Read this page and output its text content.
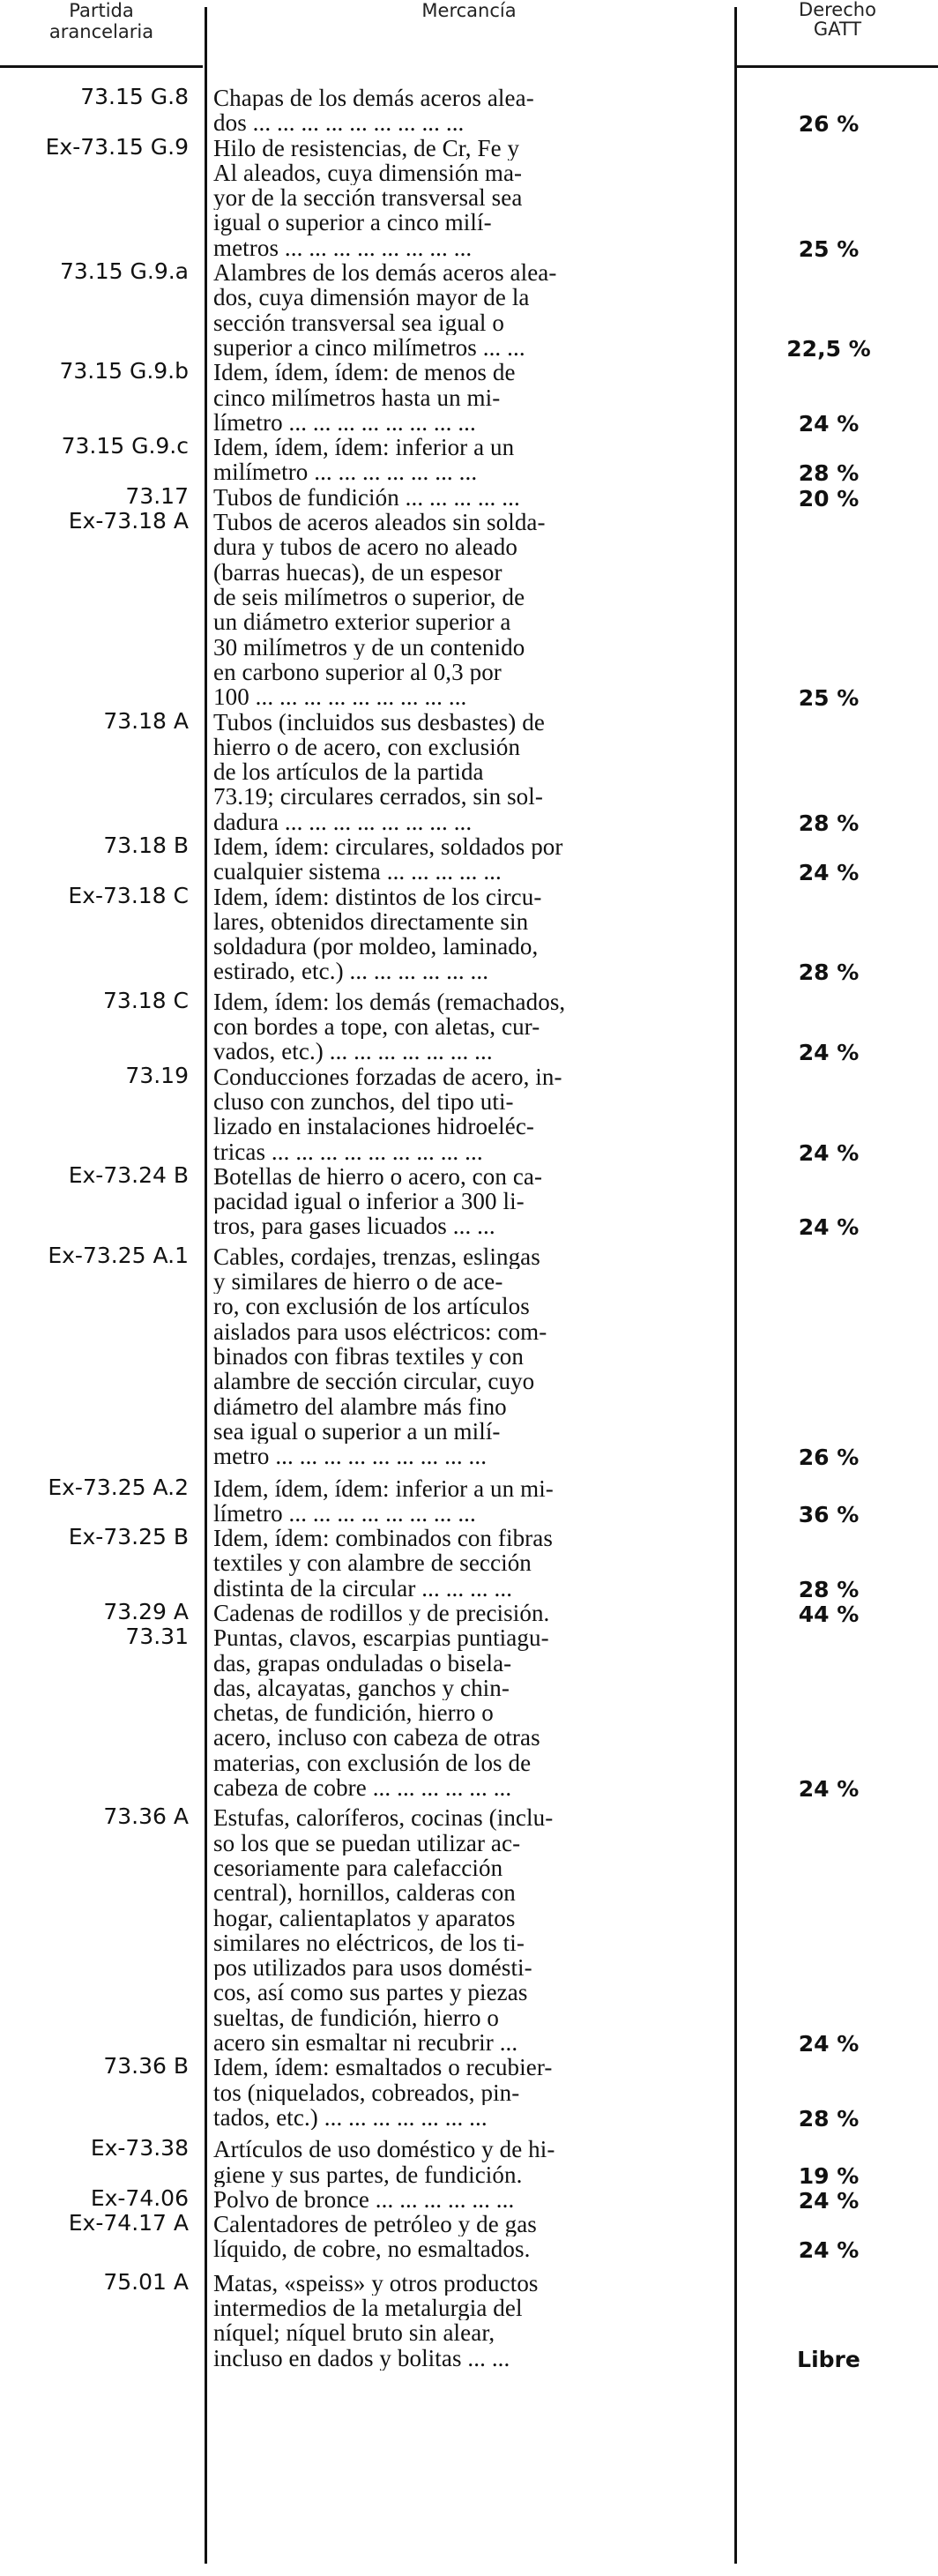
Partida
arancelaria
Mercancía	Derecho
GATT
73.15 G.8 Chapas de los demás aceros alea-
dos ... ... ... ... ... ... ... ... ...	26 %
Ex-73.15 G.9 Hilo de resistencias, de Cr, Fe y
Al aleados, cuya dimensión ma-
yor de la sección transversal sea
igual o superior a cinco milí-
metros ... ... ... ... ... ... ... ...	25 %
73.15 G.9.a Alambres de los demás aceros alea-
dos, cuya dimensión mayor de la
sección transversal sea igual o
superior a cinco milímetros ... ...	22,5 %
73.15 G.9.b Idem, ídem, ídem: de menos de
cinco milímetros hasta un mi-
límetro ... ... ... ... ... ... ... ...	24 %
73.15 G.9.c Idem, ídem, ídem: inferior a un
milímetro ... ... ... ... ... ... ...	28 %
73.17 Tubos de fundición ... ... ... ... ...	20 %
Ex-73.18 A Tubos de aceros aleados sin solda-
dura y tubos de acero no aleado
(barras huecas), de un espesor
de seis milímetros o superior, de
un diámetro exterior superior a
30 milímetros y de un contenido
en carbono superior al 0,3 por
100 ... ... ... ... ... ... ... ... ...	25 %
73.18 A Tubos (incluidos sus desbastes) de
hierro o de acero, con exclusión
de los artículos de la partida
73.19; circulares cerrados, sin sol-
dadura ... ... ... ... ... ... ... ...	28 %
73.18 B Idem, ídem: circulares, soldados por
cualquier sistema ... ... ... ... ...	24 %
Ex-73.18 C Idem, ídem: distintos de los circu-
lares, obtenidos directamente sin
soldadura (por moldeo, laminado,
estirado, etc.) ... ... ... ... ... ...	28 %
73.18 C Idem, ídem: los demás (remachados,
con bordes a tope, con aletas, cur-
vados, etc.) ... ... ... ... ... ... ...	24 %
73.19 Conducciones forzadas de acero, in-
cluso con zunchos, del tipo uti-
lizado en instalaciones hidroeléc-
tricas ... ... ... ... ... ... ... ... ...	24 %
Ex-73.24 B Botellas de hierro o acero, con ca-
pacidad igual o inferior a 300 li-
tros, para gases licuados ... ...	24 %
Ex-73.25 A.1 Cables, cordajes, trenzas, eslingas
y similares de hierro o de ace-
ro, con exclusión de los artículos
aislados para usos eléctricos: com-
binados con fibras textiles y con
alambre de sección circular, cuyo
diámetro del alambre más fino
sea igual o superior a un milí-
metro ... ... ... ... ... ... ... ... ...	26 %
Ex-73.25 A.2 Idem, ídem, ídem: inferior a un mi-
límetro ... ... ... ... ... ... ... ...	36 %
Ex-73.25 B Idem, ídem: combinados con fibras
textiles y con alambre de sección
distinta de la circular ... ... ... ...	28 %
73.29 A Cadenas de rodillos y de precisión.	44 %
73.31 Puntas, clavos, escarpias puntiagu-
das, grapas onduladas o bisela-
das, alcayatas, ganchos y chin-
chetas, de fundición, hierro o
acero, incluso con cabeza de otras
materias, con exclusión de los de
cabeza de cobre ... ... ... ... ... ...	24 %
73.36 A Estufas, caloríferos, cocinas (inclu-
so los que se puedan utilizar ac-
cesoriamente para calefacción
central), hornillos, calderas con
hogar, calientaplatos y aparatos
similares no eléctricos, de los ti-
pos utilizados para usos domésti-
cos, así como sus partes y piezas
sueltas, de fundición, hierro o
acero sin esmaltar ni recubrir ...	24 %
73.36 B Idem, ídem: esmaltados o recubier-
tos (niquelados, cobreados, pin-
tados, etc.) ... ... ... ... ... ... ...	28 %
Ex-73.38 Artículos de uso doméstico y de hi-
giene y sus partes, de fundición.	19 %
Ex-74.06 Polvo de bronce ... ... ... ... ... ...	24 %
Ex-74.17 A Calentadores de petróleo y de gas
líquido, de cobre, no esmaltados.	24 %
75.01 A Matas, «speiss» y otros productos
intermedios de la metalurgia del
níquel; níquel bruto sin alear,
incluso en dados y bolitas ... ...	Libre
